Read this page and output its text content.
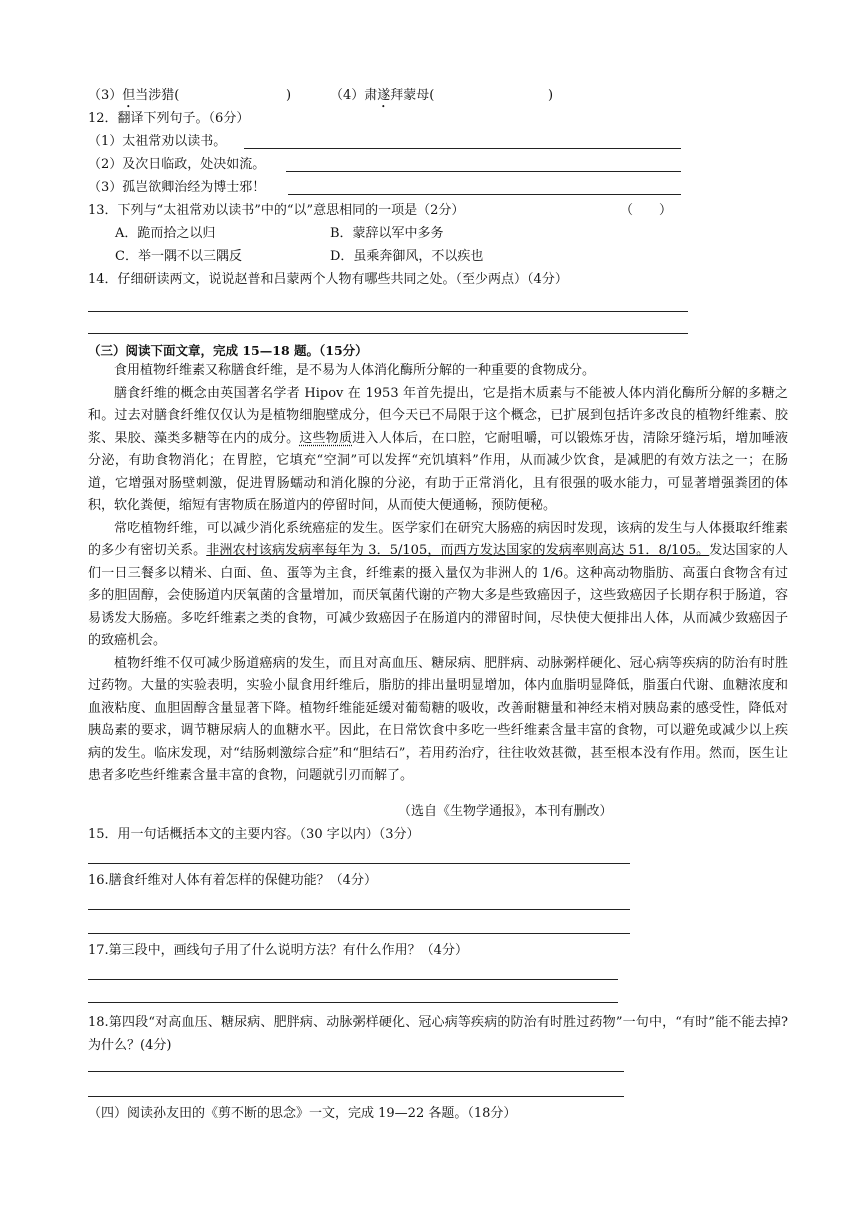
（3）但当涉猎(	)	（4）肃遂拜蒙母(	)
12．翻译下列句子。（6分）
（1）太祖常劝以读书。
（2）及次日临政，处决如流。
（3）孤岂欲卿治经为博士邪！
13．下列与“太祖常劝以读书”中的“以”意思相同的一项是（2分）	（　　）
A．跪而拾之以归	B．蒙辞以军中多务
C．举一隅不以三隅反	D．虽乘奔御风，不以疾也
14．仔细研读两文，说说赵普和吕蒙两个人物有哪些共同之处。（至少两点）（4分）
（三）阅读下面文章，完成 15—18 题。（15分）

食用植物纤维素又称膳食纤维，是不易为人体消化酶所分解的一种重要的食物成分。

膳食纤维的概念由英国著名学者 Hipov 在 1953 年首先提出，它是指木质素与不能被人体内消化酶所分解的多糖之和。过去对膳食纤维仅仅认为是植物细胞壁成分，但今天已不局限于这个概念，已扩展到包括许多改良的植物纤维素、胶浆、果胶、藻类多糖等在内的成分。这些物质进入人体后，在口腔，它耐咀嚼，可以锻炼牙齿，清除牙缝污垢，增加唾液分泌，有助食物消化；在胃腔，它填充“空洞”可以发挥“充饥填料”作用，从而减少饮食，是减肥的有效方法之一；在肠道，它增强对肠壁刺激，促进胃肠蠕动和消化腺的分泌，有助于正常消化，且有很强的吸水能力，可显著增强粪团的体积，软化粪便，缩短有害物质在肠道内的停留时间，从而使大便通畅，预防便秘。

常吃植物纤维，可以减少消化系统癌症的发生。医学家们在研究大肠癌的病因时发现，该病的发生与人体摄取纤维素的多少有密切关系。非洲农村该病发病率每年为 3．5/105，而西方发达国家的发病率则高达 51．8/105。发达国家的人们一日三餐多以精米、白面、鱼、蛋等为主食，纤维素的摄入量仅为非洲人的 1/6。这种高动物脂肪、高蛋白食物含有过多的胆固醇，会使肠道内厌氧菌的含量增加，而厌氧菌代谢的产物大多是些致癌因子，这些致癌因子长期存积于肠道，容易诱发大肠癌。多吃纤维素之类的食物，可减少致癌因子在肠道内的滞留时间，尽快使大便排出人体，从而减少致癌因子的致癌机会。

植物纤维不仅可减少肠道癌病的发生，而且对高血压、糖尿病、肥胖病、动脉粥样硬化、冠心病等疾病的防治有时胜过药物。大量的实验表明，实验小鼠食用纤维后，脂肪的排出量明显增加，体内血脂明显降低，脂蛋白代谢、血糖浓度和血液粘度、血胆固醇含量显著下降。植物纤维能延缓对葡萄糖的吸收，改善耐糖量和神经末梢对胰岛素的感受性，降低对胰岛素的要求，调节糖尿病人的血糖水平。因此，在日常饮食中多吃一些纤维素含量丰富的食物，可以避免或减少以上疾病的发生。临床发现，对“结肠刺激综合症”和“胆结石”，若用药治疗，往往收效甚微，甚至根本没有作用。然而，医生让患者多吃些纤维素含量丰富的食物，问题就引刃而解了。

（选自《生物学通报》，本刊有删改）
15．用一句话概括本文的主要内容。（30 字以内）（3分）
16.膳食纤维对人体有着怎样的保健功能？（4分）
17.第三段中，画线句子用了什么说明方法？有什么作用？（4分）
18.第四段“对高血压、糖尿病、肥胖病、动脉粥样硬化、冠心病等疾病的防治有时胜过药物”一句中，“有时”能不能去掉?为什么？(4分)
（四）阅读孙友田的《剪不断的思念》一文，完成 19—22 各题。（18分）
